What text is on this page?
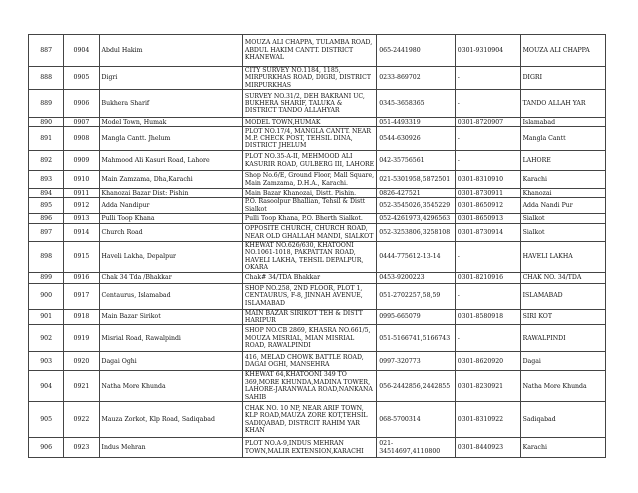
887	0904	Abdul Hakim	MOUZA ALI CHAPPA, TULAMBA ROAD, ABDUL HAKIM CANTT. DISTRICT KHANEWAL	065-2441980	0301-9310904	MOUZA ALI CHAPPA
888	0905	Digri	CITY SURVEY NO.1184, 1185, MIRPURKHAS ROAD, DIGRI, DISTRICT MIRPURKHAS	0233-869702	-	DIGRI
889	0906	Bukhera Sharif	SURVEY NO.31/2, DEH BAKRANI UC, BUKHERA SHARIF, TALUKA & DISTRICT TANDO ALLAHYAR	0345-3658365	-	TANDO ALLAH YAR
890	0907	Model Town, Humak	MODEL TOWN,HUMAK	051-4493319	0301-8720907	Islamabad
891	0908	Mangla Cantt. Jhelum	PLOT NO.17/4, MANGLA CANTT. NEAR M.P. CHECK POST, TEHSIL DINA, DISTRICT JHELUM	0544-630926	-	Mangla Cantt
892	0909	Mahmood Ali Kasuri Road, Lahore	PLOT NO.35-A-II, MEHMOOD ALI KASURIR ROAD, GULBERG III, LAHORE	042-35756561	-	LAHORE
893	0910	Main Zamzama, Dha,Karachi	Shop No.6/E, Ground Floor, Mall Square, Main Zamzama, D.H.A., Karachi.	021-5301958,5872501	0301-8310910	Karachi
894	0911	Khanozai Bazar Dist: Pishin	Main Bazar Khanozai, Distt. Pishin.	0826-427521	0301-8730911	Khanozai
895	0912	Adda Nandipur	P.O. Rasoolpur Bhallian, Tehsil & Distt Sialkot	052-3545026,3545229	0301-8650912	Adda Nandi Pur
896	0913	Pulli Toop Khana	Pulli Toop Khana, P.O. Bherth Sialkot.	052-4261973,4296563	0301-8650913	Sialkot
897	0914	Church Road	OPPOSITE CHURCH, CHURCH ROAD, NEAR OLD GHALLAH MANDI, SIALKOT	052-3253806,3258108	0301-8730914	Sialkot
898	0915	Haveli Lakha, Depalpur	KHEWAT NO.626/630, KHATOONI NO.1061-1018, PAKPATTAN ROAD, HAVELI LAKHA, TEHSIL DEPALPUR, OKARA	0444-775612-13-14	-	HAVELI LAKHA
899	0916	Chak 34 Tda /Bhakkar	Chak# 34/TDA Bhakkar	0453-9200223	0301-8210916	CHAK NO. 34/TDA
900	0917	Centaurus, Islamabad	SHOP NO.258, 2ND FLOOR, PLOT 1, CENTAURUS, F-8, JINNAH AVENUE, ISLAMABAD	051-2702257,58,59	-	ISLAMABAD
901	0918	Main Bazar Sirikot	MAIN BAZAR SIRIKOT TEH & DISTT HARIPUR	0995-665079	0301-8580918	SIRI KOT
902	0919	Misrial Road, Rawalpindi	SHOP NO.CB 2869, KHASRA NO.661/5, MOUZA MISRIAL, MIAN MISRIAL ROAD, RAWALPINDI	051-5166741,5166743	-	RAWALPINDI
903	0920	Dagai Oghi	416, MELAD CHOWK BATTLE ROAD, DAGAI OGHI, MANSEHRA	0997-320773	0301-8620920	Dagai
904	0921	Natha More Khunda	KHEWAT 64,KHATOONI 349 TO 369,MORE KHUNDA,MADINA TOWER, LAHORE-JARANWALA ROAD,NANKANA SAHIB	056-2442856,2442855	0301-8230921	Natha More Khunda
905	0922	Mauza Zorkot, Klp Road, Sadiqabad	CHAK NO. 10 NP, NEAR ARIF TOWN, KLP ROAD,MAUZA ZORE KOT,TEHSIL SADIQABAD, DISTRCIT RAHIM YAR KHAN	068-5700314	0301-8310922	Sadiqabad
906	0923	Indus Mehran	PLOT NO.A-9,INDUS MEHRAN TOWN,MALIR EXTENSION,KARACHI	021-34514697,4110800	0301-8440923	Karachi
